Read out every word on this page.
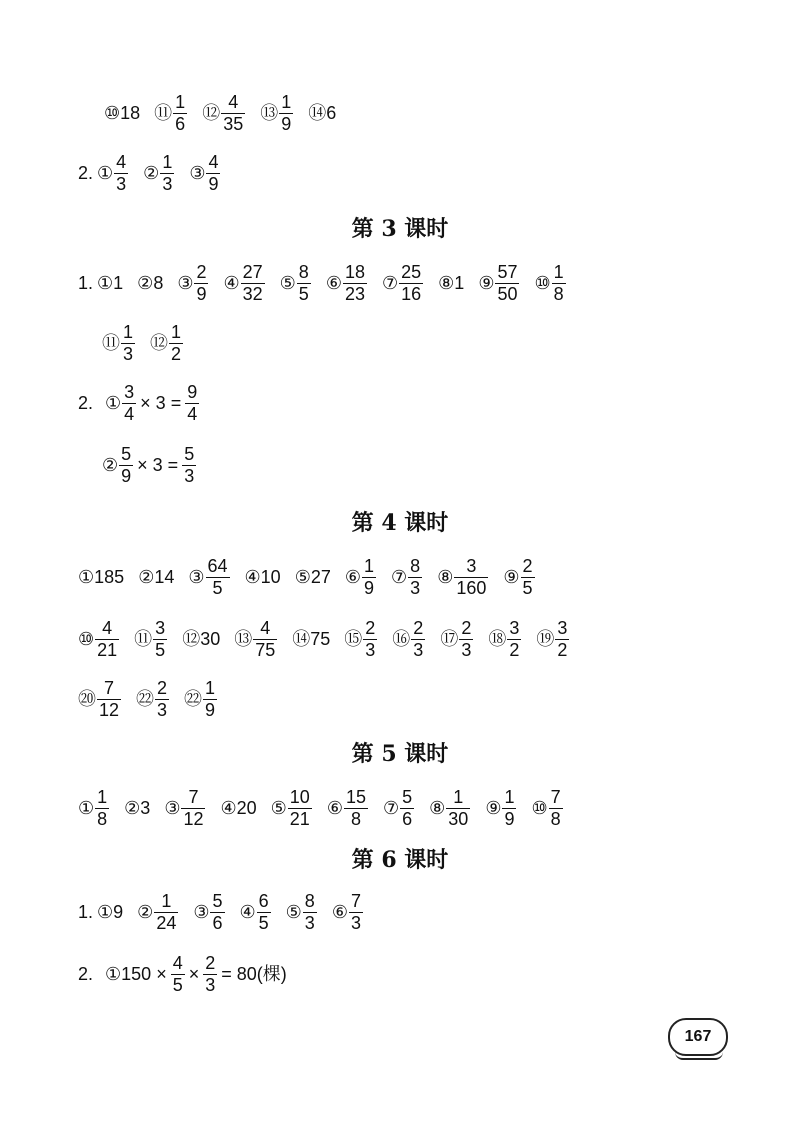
⑩ 18 ⑪ $\frac{1}{6}$ ⑫ $\frac{4}{35}$ ⑬ $\frac{1}{9}$ ⑭ 6
2. ① $\frac{4}{3}$ ② $\frac{1}{3}$ ③ $\frac{4}{9}$
第 3 课时
1. ① 1 ② 8 ③ $\frac{2}{9}$ ④ $\frac{27}{32}$ ⑤ $\frac{8}{5}$ ⑥ $\frac{18}{23}$ ⑦ $\frac{25}{16}$ ⑧ 1 ⑨ $\frac{57}{50}$ ⑩ $\frac{1}{8}$
⑪ $\frac{1}{3}$ ⑫ $\frac{1}{2}$
2. ① $\frac{3}{4} \times 3 = \frac{9}{4}$
② $\frac{5}{9} \times 3 = \frac{5}{3}$
第 4 课时
① 185 ② 14 ③ $\frac{64}{5}$ ④ 10 ⑤ 27 ⑥ $\frac{1}{9}$ ⑦ $\frac{8}{3}$ ⑧ $\frac{3}{160}$ ⑨ $\frac{2}{5}$
⑩ $\frac{4}{21}$ ⑪ $\frac{3}{5}$ ⑫ 30 ⑬ $\frac{4}{75}$ ⑭ 75 ⑮ $\frac{2}{3}$ ⑯ $\frac{2}{3}$ ⑰ $\frac{2}{3}$ ⑱ $\frac{3}{2}$ ⑲ $\frac{3}{2}$
⑳ $\frac{7}{12}$ ㉒ $\frac{2}{3}$ ㉒ $\frac{1}{9}$
第 5 课时
① $\frac{1}{8}$ ② 3 ③ $\frac{7}{12}$ ④ 20 ⑤ $\frac{10}{21}$ ⑥ $\frac{15}{8}$ ⑦ $\frac{5}{6}$ ⑧ $\frac{1}{30}$ ⑨ $\frac{1}{9}$ ⑩ $\frac{7}{8}$
第 6 课时
1. ① 9 ② $\frac{1}{24}$ ③ $\frac{5}{6}$ ④ $\frac{6}{5}$ ⑤ $\frac{8}{3}$ ⑥ $\frac{7}{3}$
2. ① $150 \times \frac{4}{5} \times \frac{2}{3} = 80$(棵)
167
